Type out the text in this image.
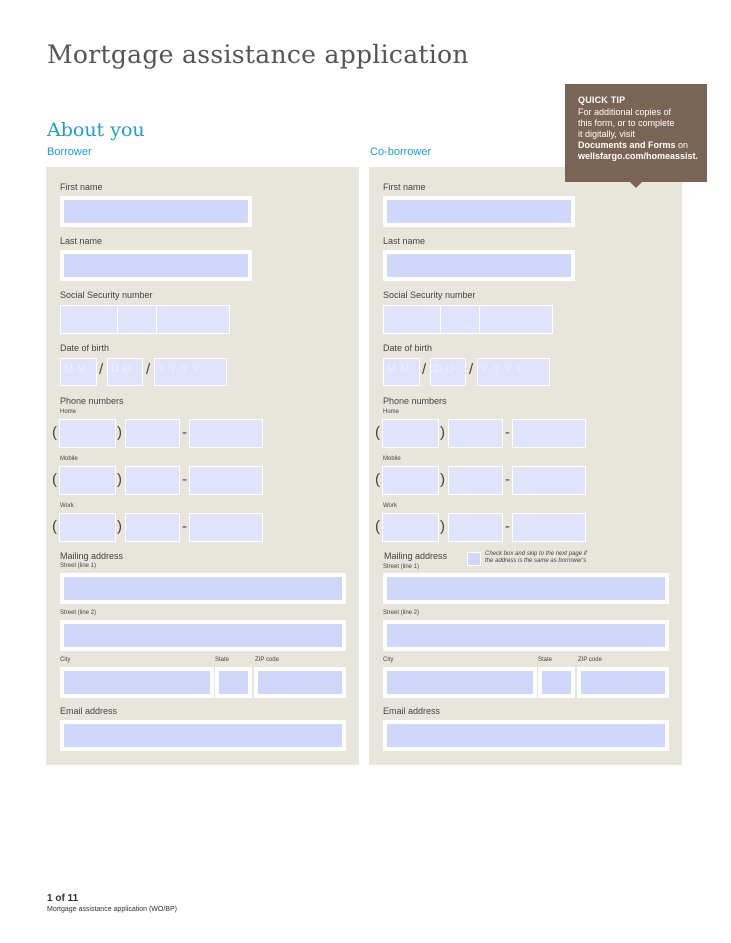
Mortgage assistance application
About you
Borrower	Co-borrower
First name
Last name
Social Security number
Date of birth
MM / DD / YYYY
Phone numbers
Home
(	)	-
Mobile
(	)	-
Work
(	)	-
Mailing address
Street (line 1)
Street (line 2)
City	State	ZIP code
Email address
First name
Last name
Social Security number
Date of birth
MM / DD / YYYY
Phone numbers
Home
(	)	-
Mobile
(	)	-
Work
(	)	-
Mailing address	Check box and skip to the next page if
the address is the same as borrower's
Street (line 1)
Street (line 2)
City	State	ZIP code
Email address
QUICK TIP
For additional copies of
this form, or to complete
it digitally, visit
Documents and Forms on
wellsfargo.com/homeassist.
1 of 11
Mortgage assistance application (WO/BP)
